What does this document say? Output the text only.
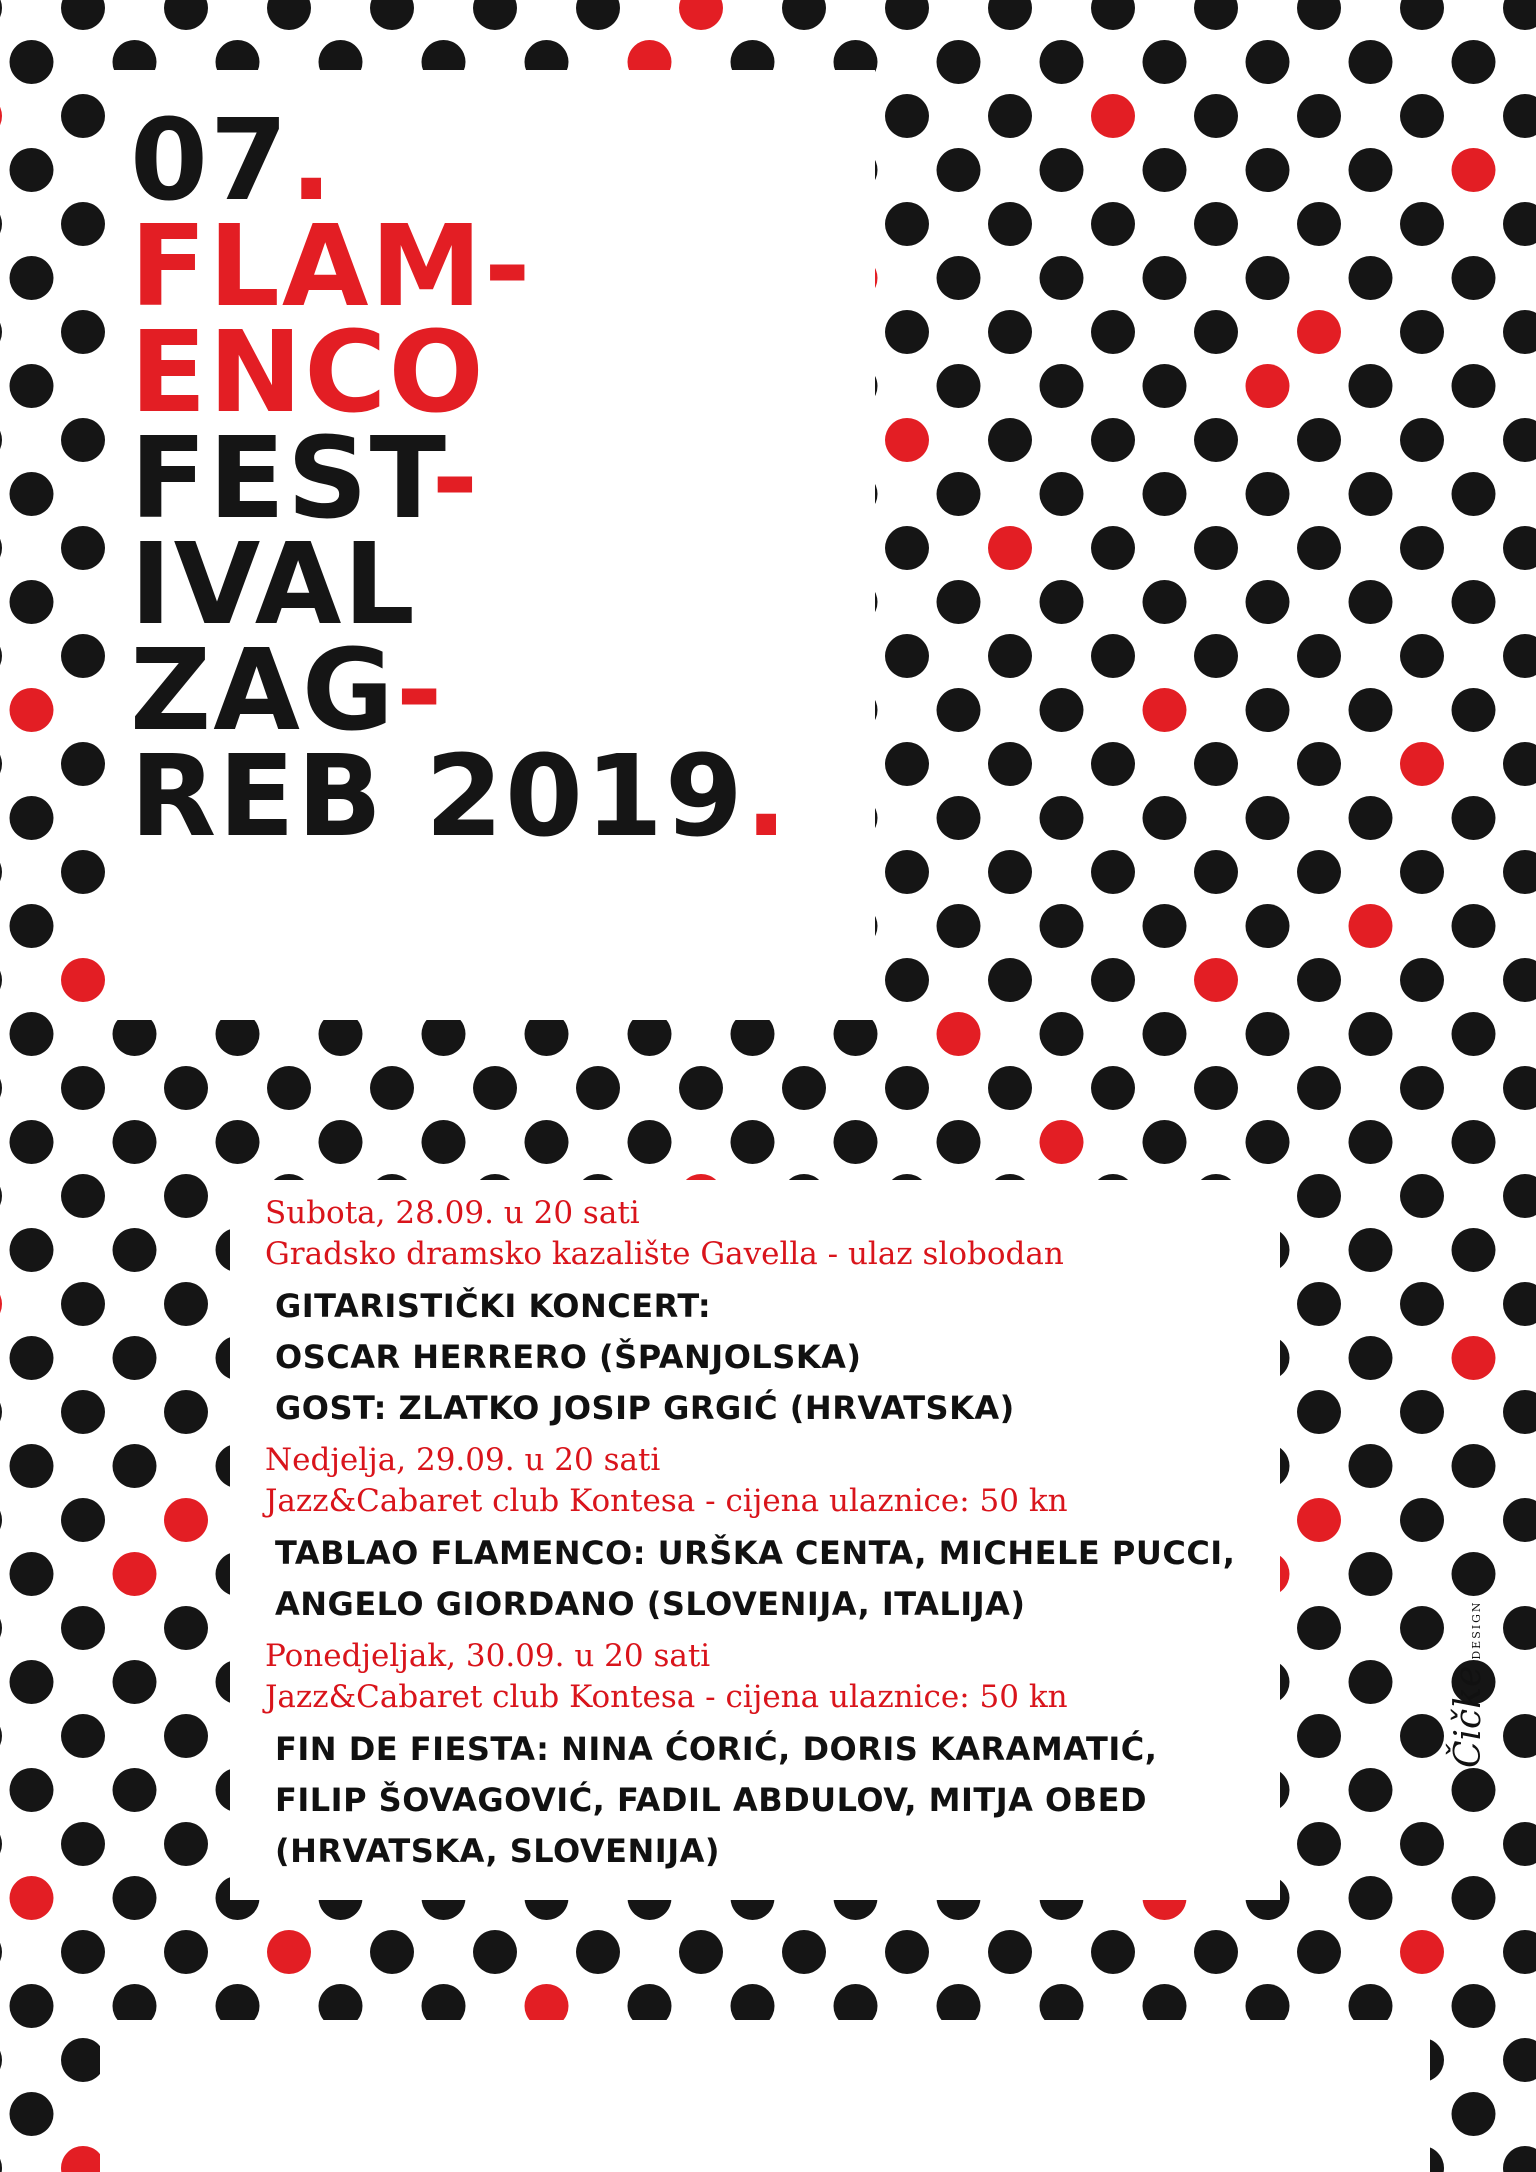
07.
FLAM-
ENCO
FEST-
IVAL
ZAG-
REB 2019.
Subota, 28.09. u 20 sati
Gradsko dramsko kazalište Gavella - ulaz slobodan
GITARISTIČKI KONCERT:
OSCAR HERRERO (ŠPANJOLSKA)
GOST: ZLATKO JOSIP GRGIĆ (HRVATSKA)
Nedjelja, 29.09. u 20 sati
Jazz&Cabaret club Kontesa - cijena ulaznice: 50 kn
TABLAO FLAMENCO: URŠKA CENTA, MICHELE PUCCI,
ANGELO GIORDANO (SLOVENIJA, ITALIJA)
Ponedjeljak, 30.09. u 20 sati
Jazz&Cabaret club Kontesa - cijena ulaznice: 50 kn
FIN DE FIESTA: NINA ĆORIĆ, DORIS KARAMATIĆ,
FILIP ŠOVAGOVIĆ, FADIL ABDULOV, MITJA OBED
(HRVATSKA, SLOVENIJA)
ČičkeDESIGN
